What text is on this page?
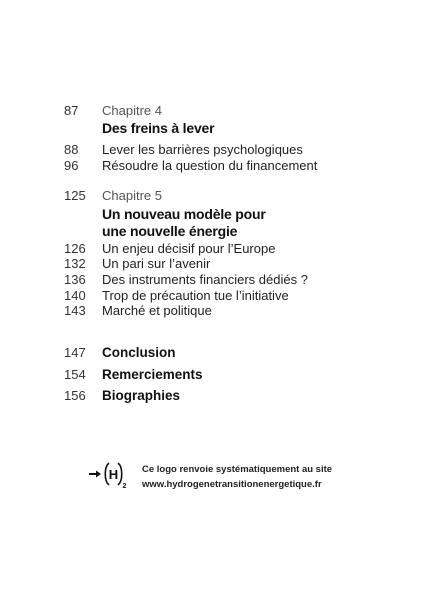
87 Chapitre 4
Des freins à lever
88 Lever les barrières psychologiques
96 Résoudre la question du financement
125 Chapitre 5
Un nouveau modèle pour
une nouvelle énergie
126 Un enjeu décisif pour l’Europe
132 Un pari sur l’avenir
136 Des instruments financiers dédiés ?
140 Trop de précaution tue l’initiative
143 Marché et politique
147 Conclusion
154 Remerciements
156 Biographies
H
2
Ce logo renvoie systématiquement au site
www.hydrogenetransitionenergetique.fr
